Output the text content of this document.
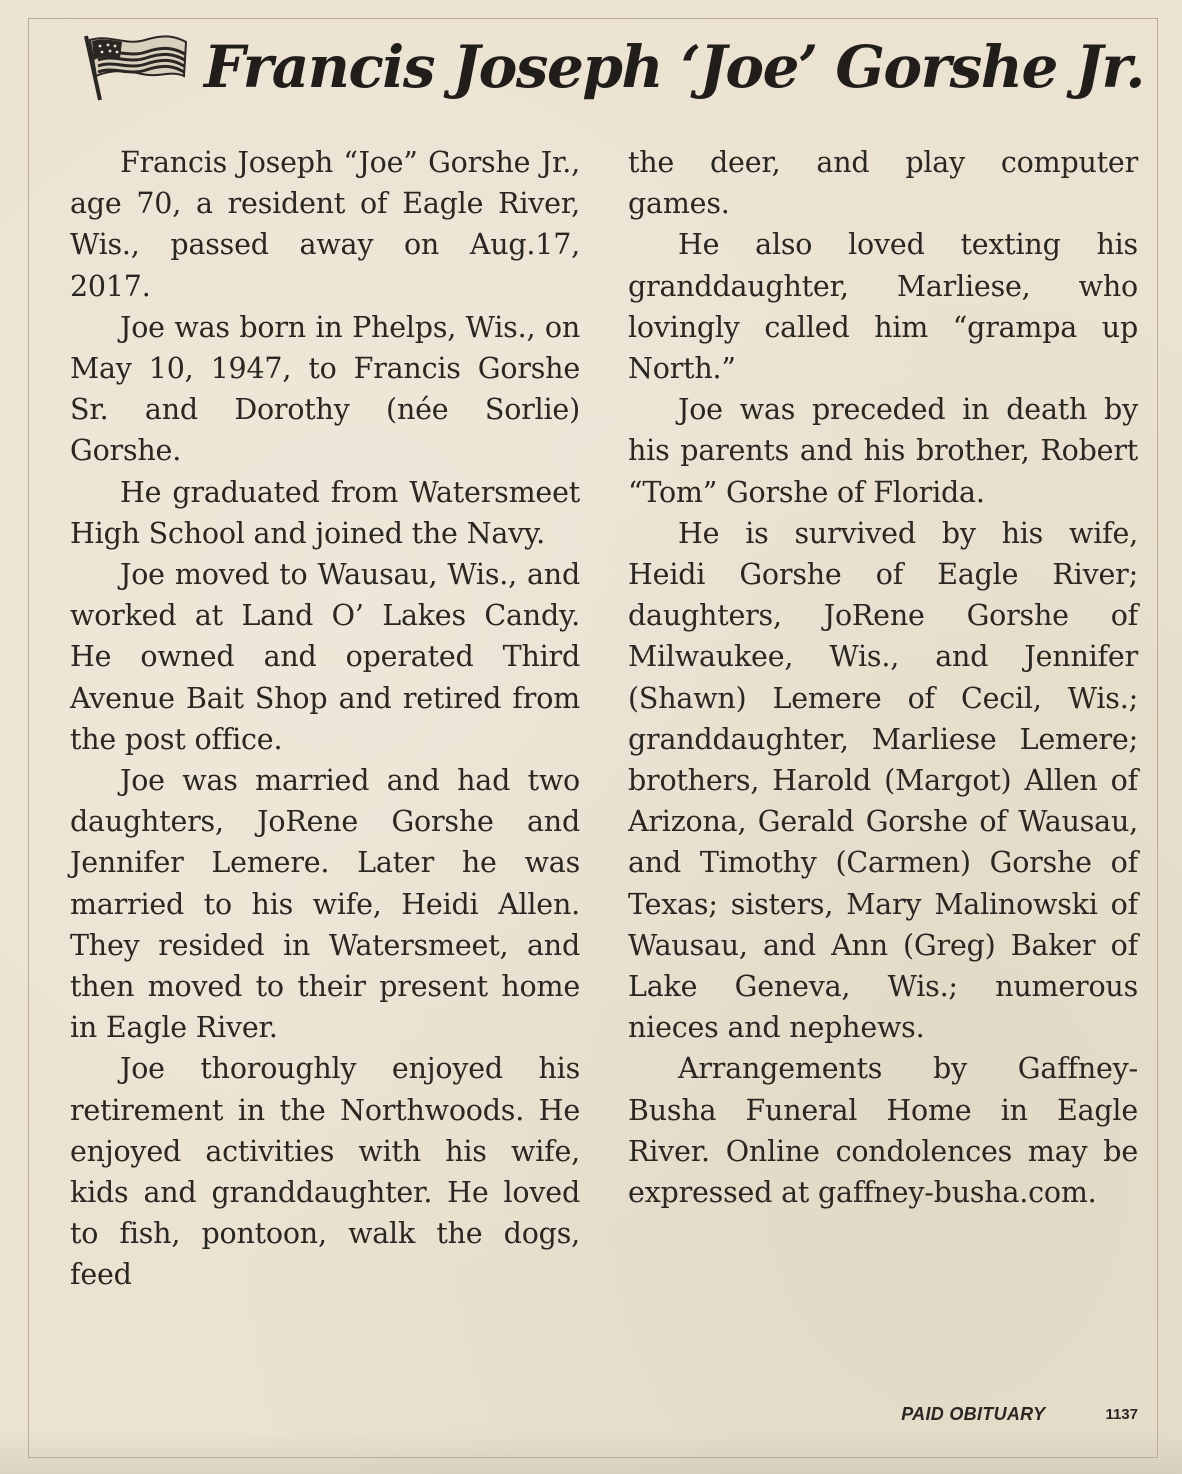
Francis Joseph ‘Joe’ Gorshe Jr.

Francis Joseph “Joe” Gorshe Jr., age 70, a resident of Eagle River, Wis., passed away on Aug.17, 2017.

Joe was born in Phelps, Wis., on May 10, 1947, to Francis Gorshe Sr. and Dorothy (née Sorlie) Gorshe.

He graduated from Watersmeet High School and joined the Navy.

Joe moved to Wausau, Wis., and worked at Land O’ Lakes Candy. He owned and operated Third Avenue Bait Shop and retired from the post office.

Joe was married and had two daughters, JoRene Gorshe and Jennifer Lemere. Later he was married to his wife, Heidi Allen. They resided in Watersmeet, and then moved to their present home in Eagle River.

Joe thoroughly enjoyed his retirement in the Northwoods. He enjoyed activities with his wife, kids and granddaughter. He loved to fish, pontoon, walk the dogs, feed

the deer, and play computer games.

He also loved texting his granddaughter, Marliese, who lovingly called him “grampa up North.”

Joe was preceded in death by his parents and his brother, Robert “Tom” Gorshe of Florida.

He is survived by his wife, Heidi Gorshe of Eagle River; daughters, JoRene Gorshe of Milwaukee, Wis., and Jennifer (Shawn) Lemere of Cecil, Wis.; granddaughter, Marliese Lemere; brothers, Harold (Margot) Allen of Arizona, Gerald Gorshe of Wausau, and Timothy (Carmen) Gorshe of Texas; sisters, Mary Malinowski of Wausau, and Ann (Greg) Baker of Lake Geneva, Wis.; numerous nieces and nephews.

Arrangements by Gaffney-Busha Funeral Home in Eagle River. Online condolences may be expressed at gaffney-busha.com.

PAID OBITUARY	1137
